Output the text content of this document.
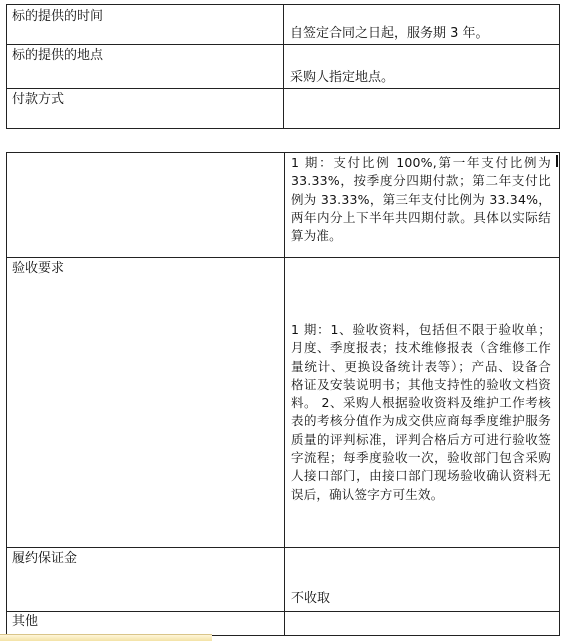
标的提供的时间
自签定合同之日起，服务期 3 年。
标的提供的地点
采购人指定地点。
付款方式
1 期：支付比例 100%,第一年支付比例为 33.33%，按季度分四期付款；第二年支付比例为 33.33%，第三年支付比例为 33.34%，两年内分上下半年共四期付款。具体以实际结算为准。
验收要求
1 期：1、验收资料，包括但不限于验收单；月度、季度报表；技术维修报表（含维修工作量统计、更换设备统计表等）；产品、设备合格证及安装说明书；其他支持性的验收文档资料。 2、采购人根据验收资料及维护工作考核表的考核分值作为成交供应商每季度维护服务质量的评判标准，评判合格后方可进行验收签字流程；每季度验收一次，验收部门包含采购人接口部门，由接口部门现场验收确认资料无误后，确认签字方可生效。
履约保证金
不收取
其他
